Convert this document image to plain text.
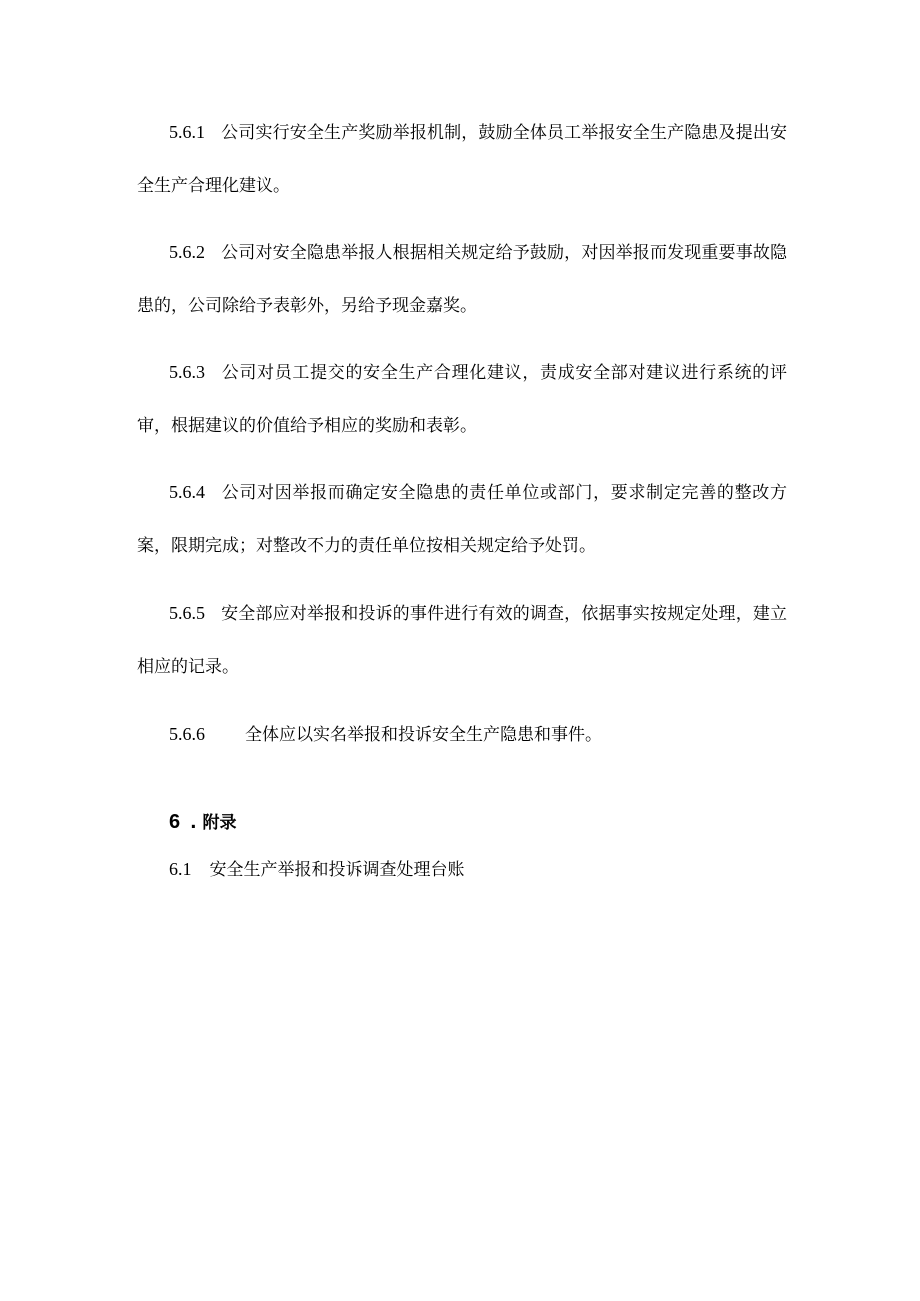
5.6.1 公司实行安全生产奖励举报机制，鼓励全体员工举报安全生产隐患及提出安全生产合理化建议。

5.6.2 公司对安全隐患举报人根据相关规定给予鼓励，对因举报而发现重要事故隐患的，公司除给予表彰外，另给予现金嘉奖。

5.6.3 公司对员工提交的安全生产合理化建议，责成安全部对建议进行系统的评审，根据建议的价值给予相应的奖励和表彰。

5.6.4 公司对因举报而确定安全隐患的责任单位或部门，要求制定完善的整改方案，限期完成；对整改不力的责任单位按相关规定给予处罚。

5.6.5 安全部应对举报和投诉的事件进行有效的调查，依据事实按规定处理，建立相应的记录。

5.6.6 全体应以实名举报和投诉安全生产隐患和事件。

6 . 附录
6.1 安全生产举报和投诉调查处理台账
